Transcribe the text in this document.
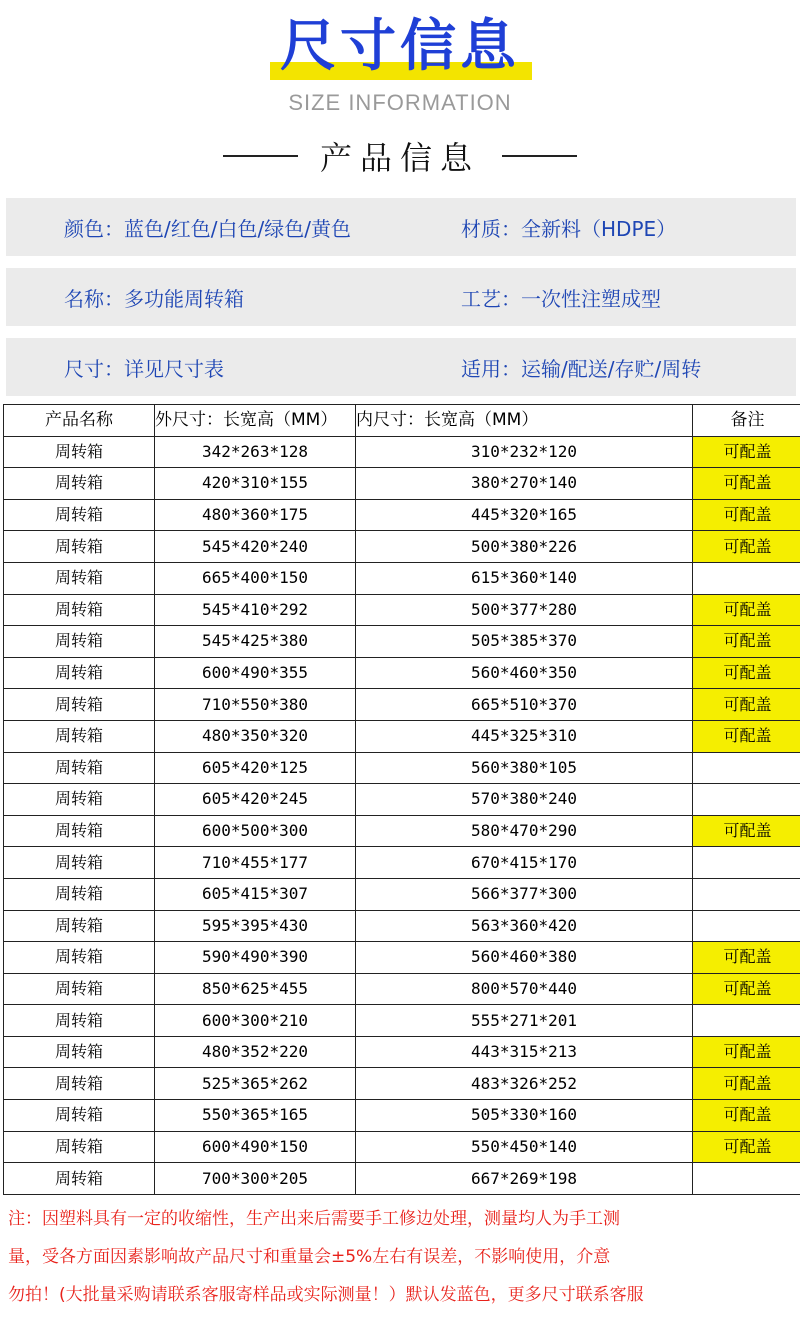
尺寸信息
SIZE INFORMATION
产品信息
颜色：蓝色/红色/白色/绿色/黄色	材质：全新料（HDPE）
名称：多功能周转箱	工艺：一次性注塑成型
尺寸：详见尺寸表	适用：运输/配送/存贮/周转
产品名称	外尺寸：长宽高（MM）	内尺寸：长宽高（MM）	备注
周转箱	342*263*128	310*232*120	可配盖
周转箱	420*310*155	380*270*140	可配盖
周转箱	480*360*175	445*320*165	可配盖
周转箱	545*420*240	500*380*226	可配盖
周转箱	665*400*150	615*360*140	
周转箱	545*410*292	500*377*280	可配盖
周转箱	545*425*380	505*385*370	可配盖
周转箱	600*490*355	560*460*350	可配盖
周转箱	710*550*380	665*510*370	可配盖
周转箱	480*350*320	445*325*310	可配盖
周转箱	605*420*125	560*380*105	
周转箱	605*420*245	570*380*240	
周转箱	600*500*300	580*470*290	可配盖
周转箱	710*455*177	670*415*170	
周转箱	605*415*307	566*377*300	
周转箱	595*395*430	563*360*420	
周转箱	590*490*390	560*460*380	可配盖
周转箱	850*625*455	800*570*440	可配盖
周转箱	600*300*210	555*271*201	
周转箱	480*352*220	443*315*213	可配盖
周转箱	525*365*262	483*326*252	可配盖
周转箱	550*365*165	505*330*160	可配盖
周转箱	600*490*150	550*450*140	可配盖
周转箱	700*300*205	667*269*198	

注：因塑料具有一定的收缩性，生产出来后需要手工修边处理，测量均人为手工测

量，受各方面因素影响故产品尺寸和重量会±5%左右有误差，不影响使用，介意

勿拍！(大批量采购请联系客服寄样品或实际测量！）默认发蓝色，更多尺寸联系客服
